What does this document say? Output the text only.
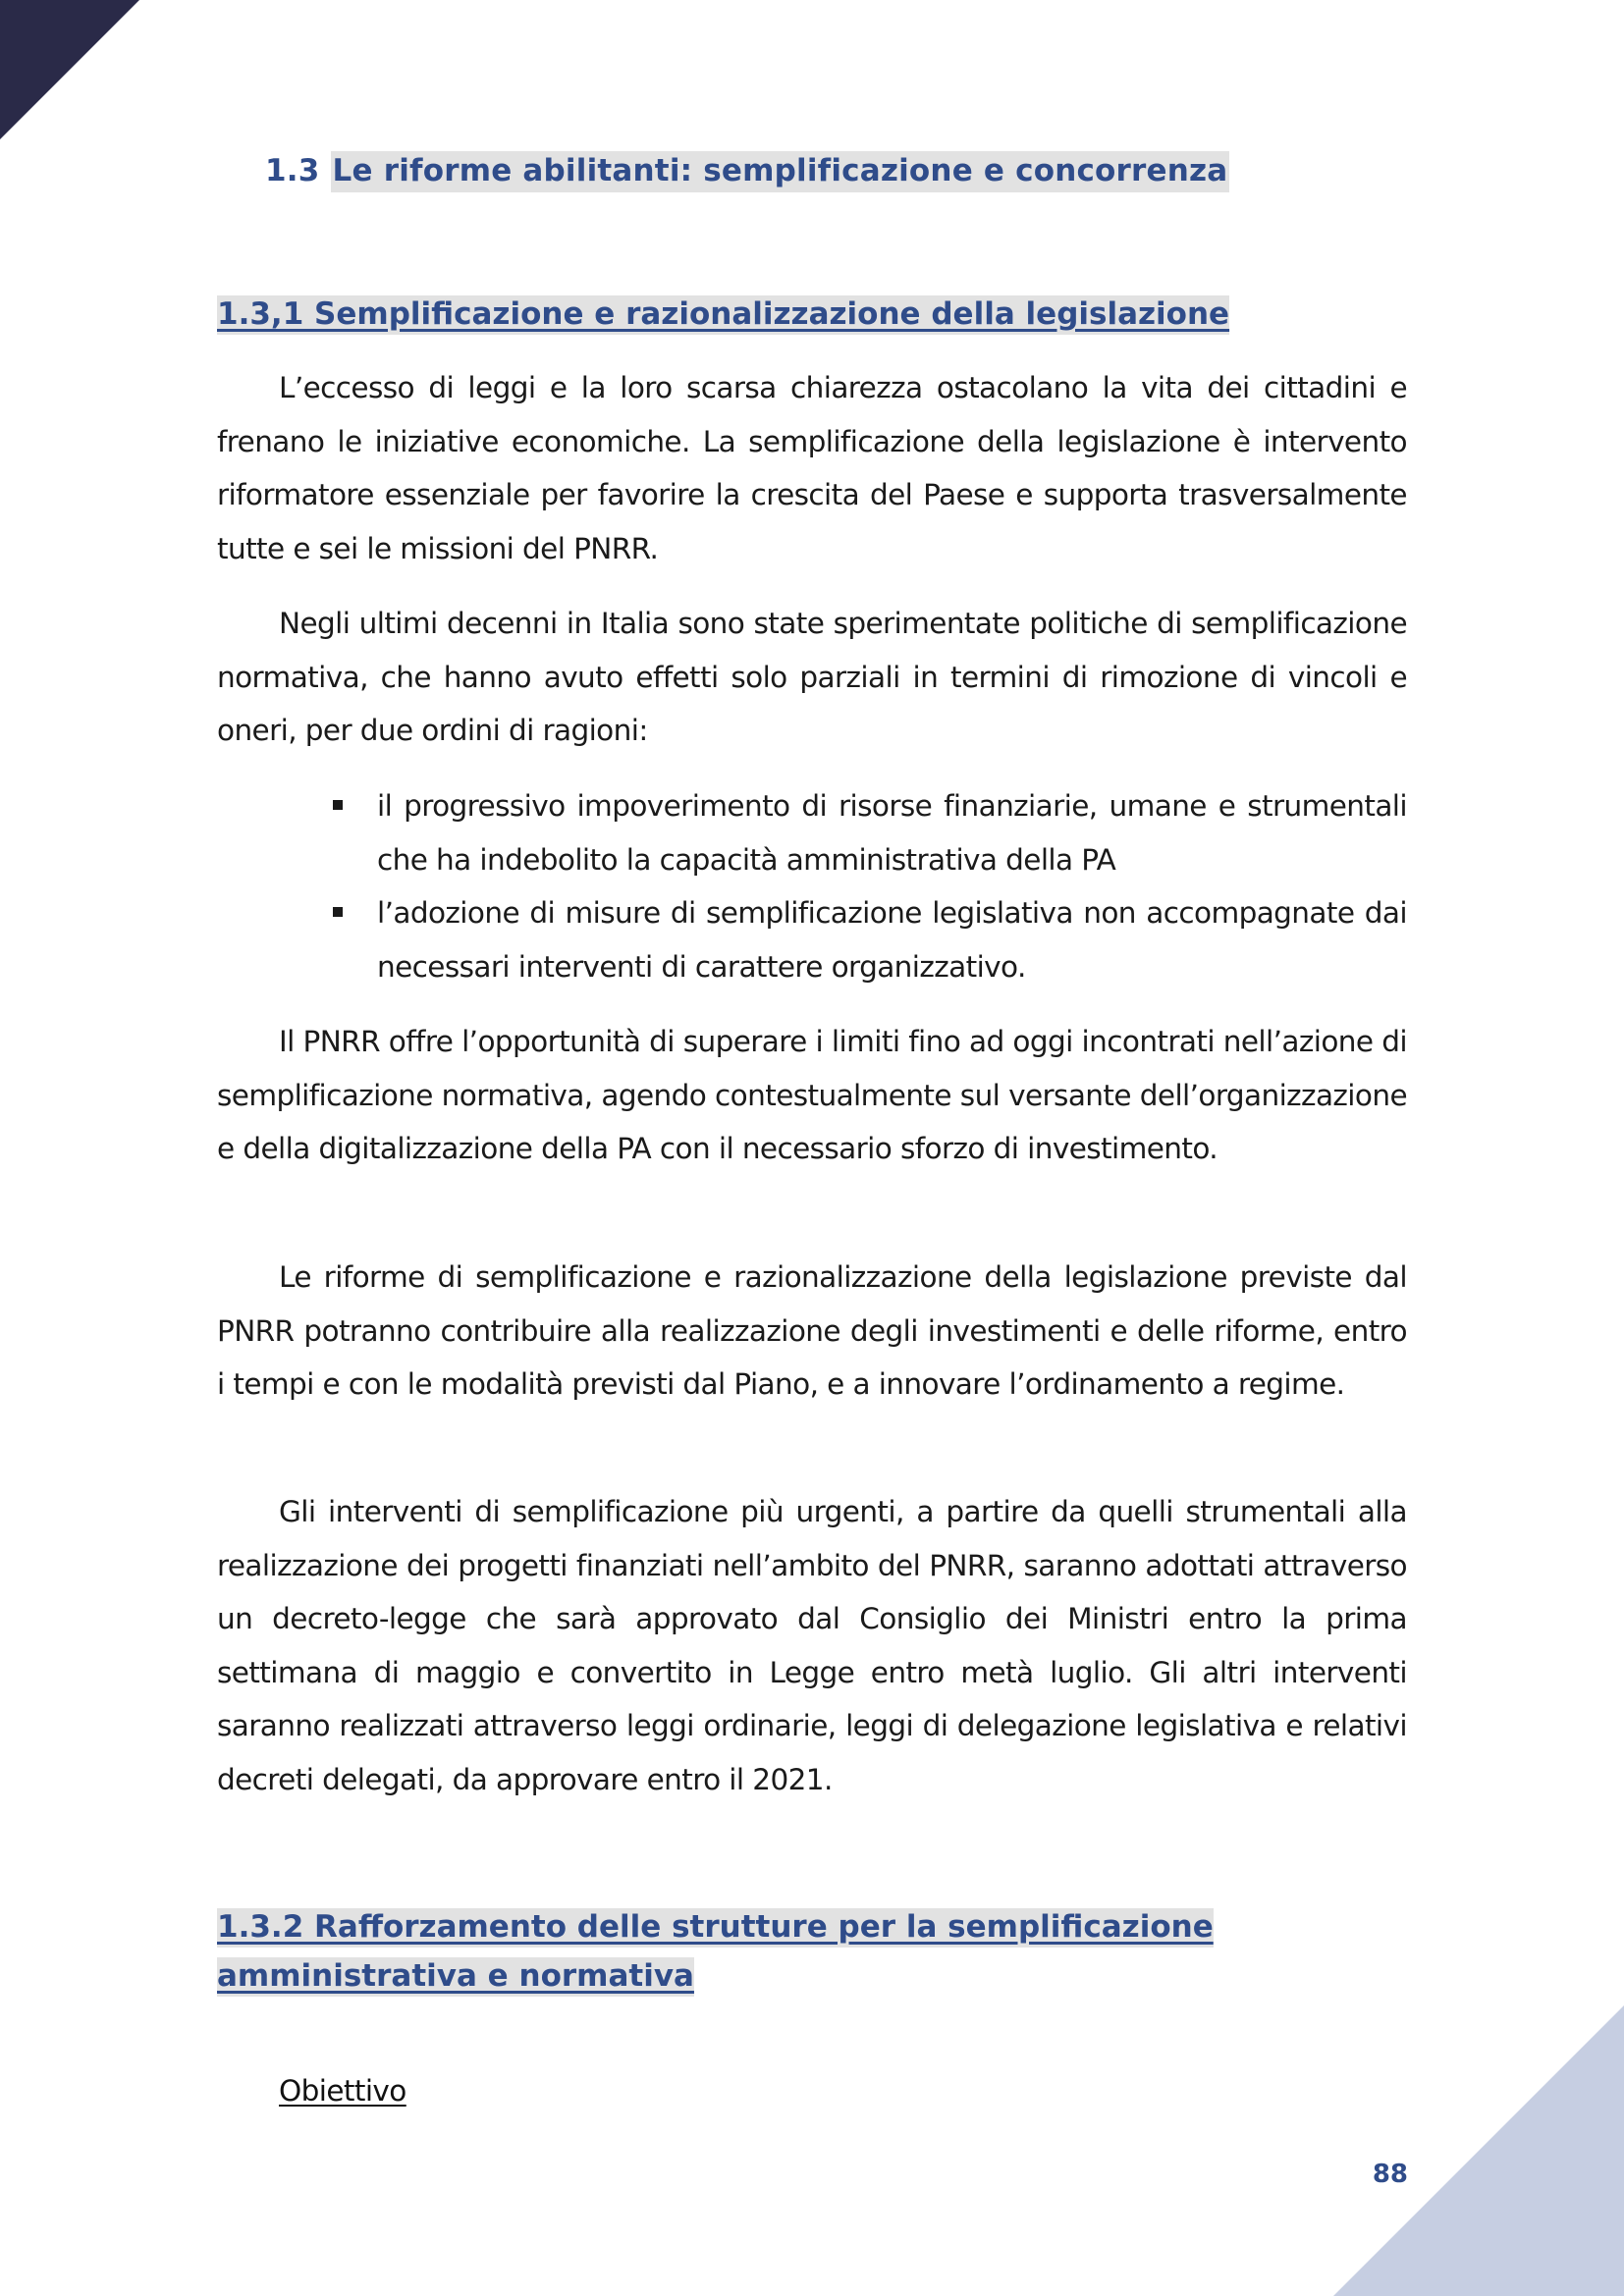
1.3 Le riforme abilitanti: semplificazione e concorrenza
1.3,1 Semplificazione e razionalizzazione della legislazione

L’eccesso di leggi e la loro scarsa chiarezza ostacolano la vita dei cittadini e frenano le iniziative economiche. La semplificazione della legislazione è intervento riformatore essenziale per favorire la crescita del Paese e supporta trasversalmente tutte e sei le missioni del PNRR.

Negli ultimi decenni in Italia sono state sperimentate politiche di semplificazione normativa, che hanno avuto effetti solo parziali in termini di rimozione di vincoli e oneri, per due ordini di ragioni:

il progressivo impoverimento di risorse finanziarie, umane e strumentali che ha indebolito la capacità amministrativa della PA
l’adozione di misure di semplificazione legislativa non accompagnate dai necessari interventi di carattere organizzativo.

Il PNRR offre l’opportunità di superare i limiti fino ad oggi incontrati nell’azione di semplificazione normativa, agendo contestualmente sul versante dell’organizzazione e della digitalizzazione della PA con il necessario sforzo di investimento.

Le riforme di semplificazione e razionalizzazione della legislazione previste dal PNRR potranno contribuire alla realizzazione degli investimenti e delle riforme, entro i tempi e con le modalità previsti dal Piano, e a innovare l’ordinamento a regime.

Gli interventi di semplificazione più urgenti, a partire da quelli strumentali alla realizzazione dei progetti finanziati nell’ambito del PNRR, saranno adottati attraverso un decreto-legge che sarà approvato dal Consiglio dei Ministri entro la prima settimana di maggio e convertito in Legge entro metà luglio. Gli altri interventi saranno realizzati attraverso leggi ordinarie, leggi di delegazione legislativa e relativi decreti delegati, da approvare entro il 2021.

1.3.2 Rafforzamento delle strutture per la semplificazione
amministrativa e normativa

Obiettivo

88
